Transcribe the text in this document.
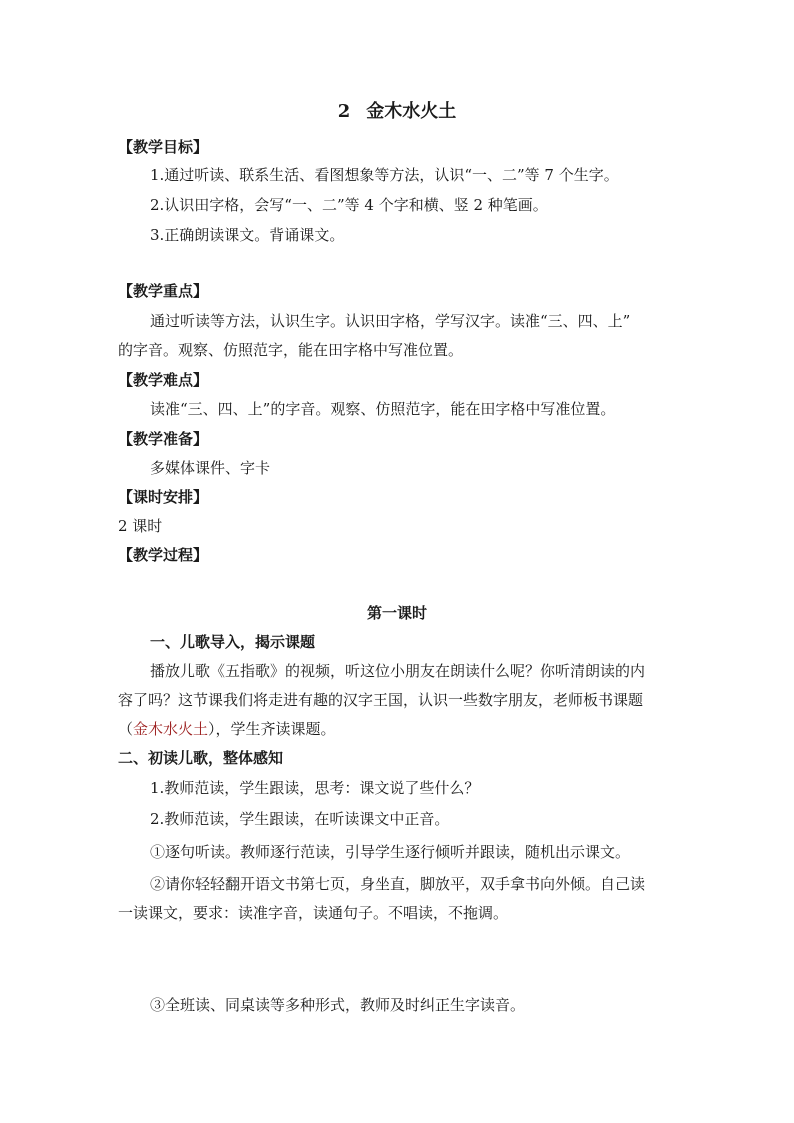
2 金木水火土
【教学目标】
1.通过听读、联系生活、看图想象等方法，认识“一、二”等 7 个生字。
2.认识田字格，会写“一、二”等 4 个字和横、竖 2 种笔画。
3.正确朗读课文。背诵课文。
【教学重点】
通过听读等方法，认识生字。认识田字格，学写汉字。读准“三、四、上”
的字音。观察、仿照范字，能在田字格中写准位置。
【教学难点】
读准“三、四、上”的字音。观察、仿照范字，能在田字格中写准位置。
【教学准备】
多媒体课件、字卡
【课时安排】
2 课时
【教学过程】
第一课时
一、儿歌导入，揭示课题
播放儿歌《五指歌》的视频，听这位小朋友在朗读什么呢？你听清朗读的内
容了吗？这节课我们将走进有趣的汉字王国，认识一些数字朋友，老师板书课题
（金木水火土），学生齐读课题。
二、初读儿歌，整体感知
1.教师范读，学生跟读，思考：课文说了些什么？
2.教师范读，学生跟读，在听读课文中正音。
①逐句听读。教师逐行范读，引导学生逐行倾听并跟读，随机出示课文。
②请你轻轻翻开语文书第七页，身坐直，脚放平，双手拿书向外倾。自己读
一读课文，要求：读准字音，读通句子。不唱读，不拖调。
③全班读、同桌读等多种形式，教师及时纠正生字读音。
